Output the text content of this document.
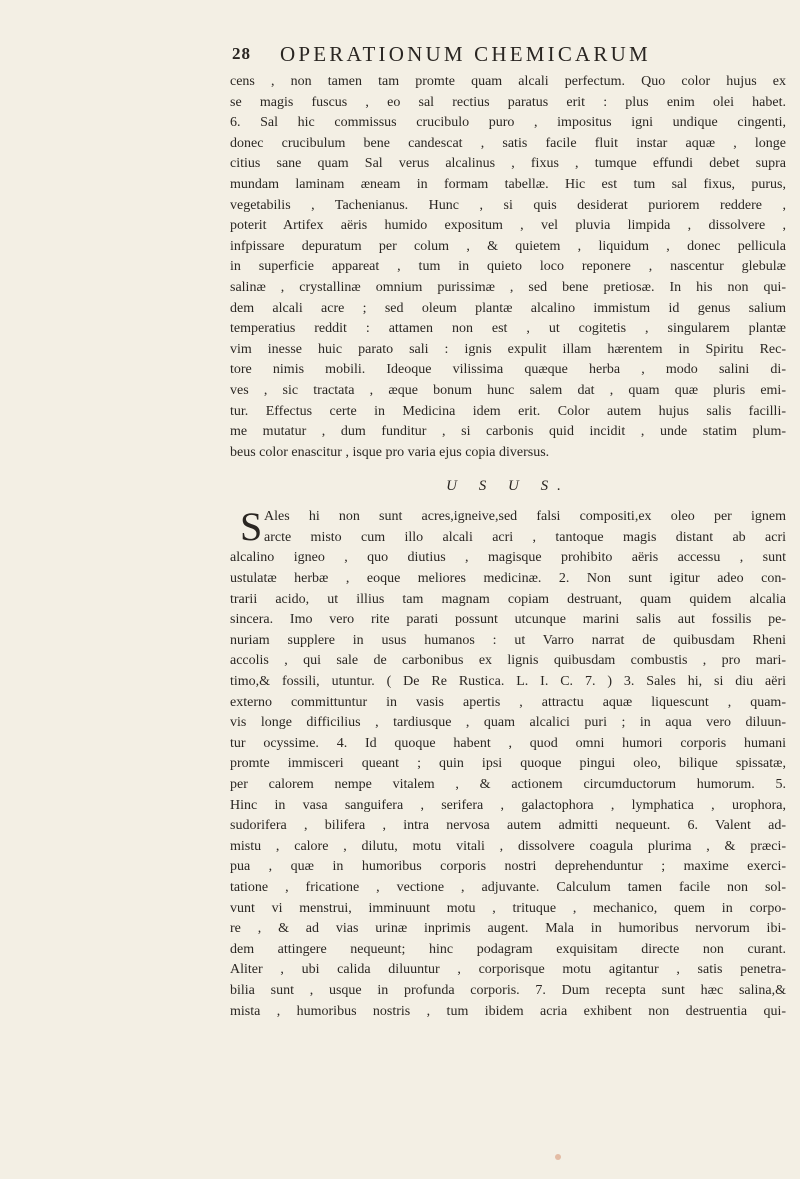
28 OPERATIONUM CHEMICARUM
cens , non tamen tam promte quam alcali perfectum. Quo color hujus ex
se magis fuscus , eo sal rectius paratus erit : plus enim olei habet.
6. Sal hic commissus crucibulo puro , impositus igni undique cingenti,
donec crucibulum bene candescat , satis facile fluit instar aquæ , longe
citius sane quam Sal verus alcalinus , fixus , tumque effundi debet supra
mundam laminam æneam in formam tabellæ. Hic est tum sal fixus, purus,
vegetabilis , Tachenianus. Hunc , si quis desiderat puriorem reddere ,
poterit Artifex aëris humido expositum , vel pluvia limpida , dissolvere ,
infpissare depuratum per colum , & quietem , liquidum , donec pellicula
in superficie appareat , tum in quieto loco reponere , nascentur glebulæ
salinæ , crystallinæ omnium purissimæ , sed bene pretiosæ. In his non qui-
dem alcali acre ; sed oleum plantæ alcalino immistum id genus salium
temperatius reddit : attamen non est , ut cogitetis , singularem plantæ
vim inesse huic parato sali : ignis expulit illam hærentem in Spiritu Rec-
tore nimis mobili. Ideoque vilissima quæque herba , modo salini di-
ves , sic tractata , æque bonum hunc salem dat , quam quæ pluris emi-
tur. Effectus certe in Medicina idem erit. Color autem hujus salis facilli-
me mutatur , dum funditur , si carbonis quid incidit , unde statim plum-
beus color enascitur , isque pro varia ejus copia diversus.
U S U S.
S Ales hi non sunt acres,igneive,sed falsi compositi,ex oleo per ignem
arcte misto cum illo alcali acri , tantoque magis distant ab acri
alcalino igneo , quo diutius , magisque prohibito aëris accessu , sunt
ustulatæ herbæ , eoque meliores medicinæ. 2. Non sunt igitur adeo con-
trarii acido, ut illius tam magnam copiam destruant, quam quidem alcalia
sincera. Imo vero rite parati possunt utcunque marini salis aut fossilis pe-
nuriam supplere in usus humanos : ut Varro narrat de quibusdam Rheni
accolis , qui sale de carbonibus ex lignis quibusdam combustis , pro mari-
timo,& fossili, utuntur. ( De Re Rustica. L. I. C. 7. ) 3. Sales hi, si diu aëri
externo committuntur in vasis apertis , attractu aquæ liquescunt , quam-
vis longe difficilius , tardiusque , quam alcalici puri ; in aqua vero diluun-
tur ocyssime. 4. Id quoque habent , quod omni humori corporis humani
promte immisceri queant ; quin ipsi quoque pingui oleo, bilique spissatæ,
per calorem nempe vitalem , & actionem circumductorum humorum. 5.
Hinc in vasa sanguifera , serifera , galactophora , lymphatica , urophora,
sudorifera , bilifera , intra nervosa autem admitti nequeunt. 6. Valent ad-
mistu , calore , dilutu, motu vitali , dissolvere coagula plurima , & præci-
pua , quæ in humoribus corporis nostri deprehenduntur ; maxime exerci-
tatione , fricatione , vectione , adjuvante. Calculum tamen facile non sol-
vunt vi menstrui, imminuunt motu , trituque , mechanico, quem in corpo-
re , & ad vias urinæ inprimis augent. Mala in humoribus nervorum ibi-
dem attingere nequeunt; hinc podagram exquisitam directe non curant.
Aliter , ubi calida diluuntur , corporisque motu agitantur , satis penetra-
bilia sunt , usque in profunda corporis. 7. Dum recepta sunt hæc salina,&
mista , humoribus nostris , tum ibidem acria exhibent non destruentia qui-
